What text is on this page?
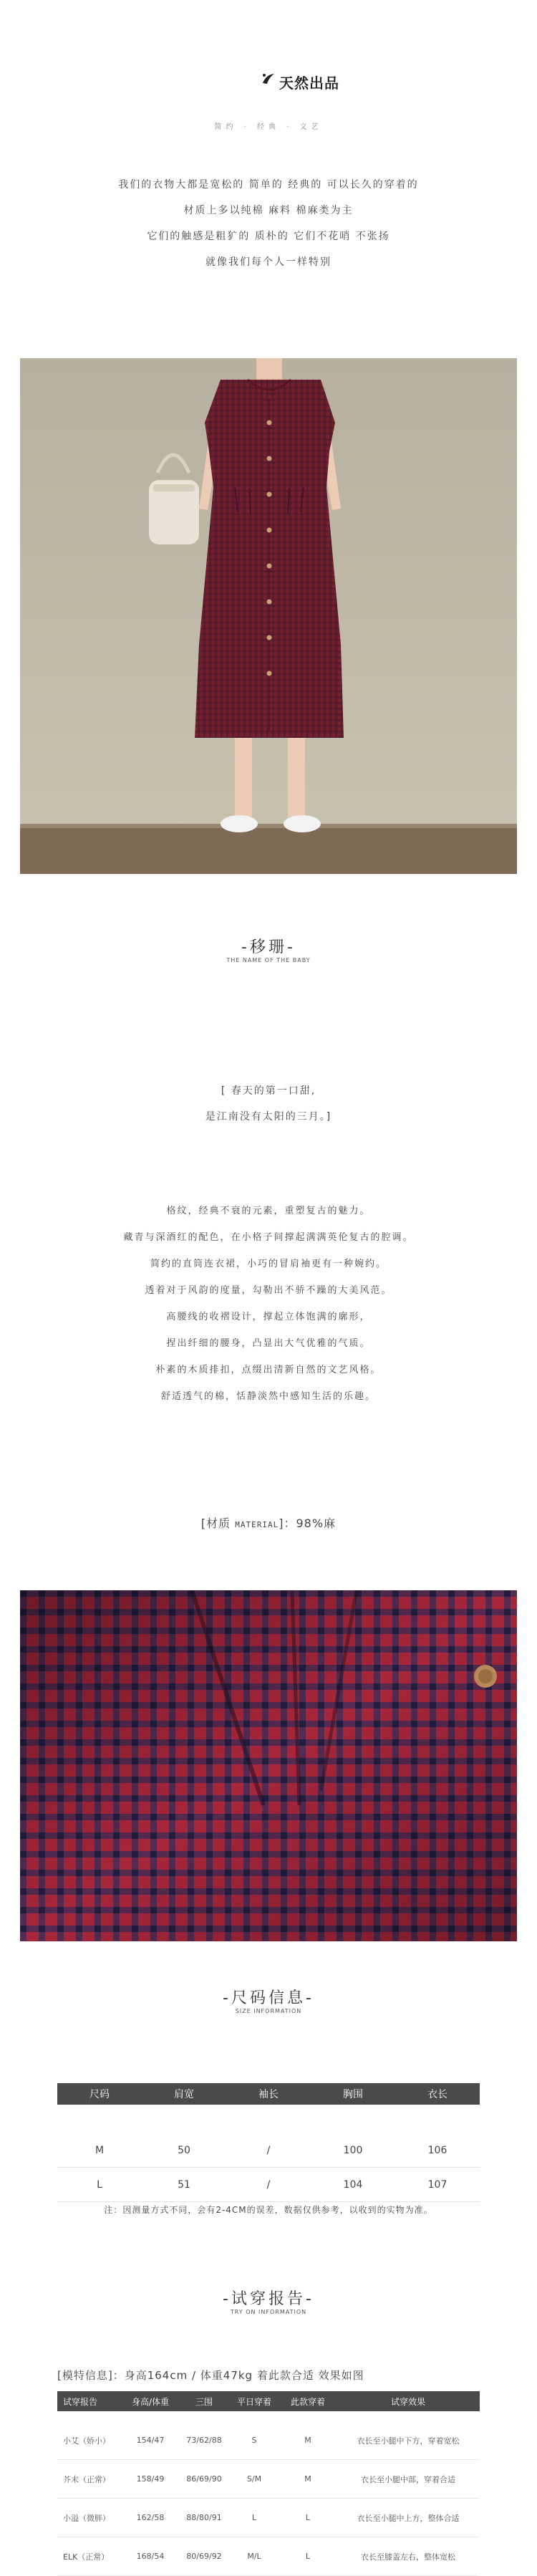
天然出品
简约 · 经典 · 文艺
我们的衣物大都是宽松的 简单的 经典的 可以长久的穿着的
材质上多以纯棉 麻料 棉麻类为主
它们的触感是粗犷的 质朴的 它们不花哨 不张扬
就像我们每个人一样特别
-移珊-
THE NAME OF THE BABY
[ 春天的第一口甜,
是江南没有太阳的三月。]
格纹，经典不衰的元素，重塑复古的魅力。
藏青与深酒红的配色，在小格子间撑起满满英伦复古的腔调。
简约的直筒连衣裙，小巧的冒肩袖更有一种婉约。
透着对于风韵的度量，勾勒出不骄不躁的大美风范。
高腰线的收褶设计，撑起立体饱满的廓形，
捏出纤细的腰身，凸显出大气优雅的气质。
朴素的木质排扣，点缀出清新自然的文艺风格。
舒适透气的棉，恬静淡然中感知生活的乐趣。
[材质 MATERIAL]：98%麻
-尺码信息-
SIZE INFORMATION
尺码	肩宽	袖长	胸围	衣长
M	50	/	100	106
L	51	/	104	107
注：因测量方式不同，会有2-4CM的误差，数据仅供参考，以收到的实物为准。
-试穿报告-
TRY ON INFORMATION
[模特信息]：身高164cm / 体重47kg 着此款合适 效果如图
试穿报告	身高/体重	三围	平日穿着	此款穿着	试穿效果
小艾（娇小）	154/47	73/62/88	S	M	衣长至小腿中下方，穿着宽松
芥末（正常）	158/49	86/69/90	S/M	M	衣长至小腿中部，穿着合适
小溢（微胖）	162/58	88/80/91	L	L	衣长至小腿中上方，整体合适
ELK（正常）	168/54	80/69/92	M/L	L	衣长至膝盖左右，整体宽松
